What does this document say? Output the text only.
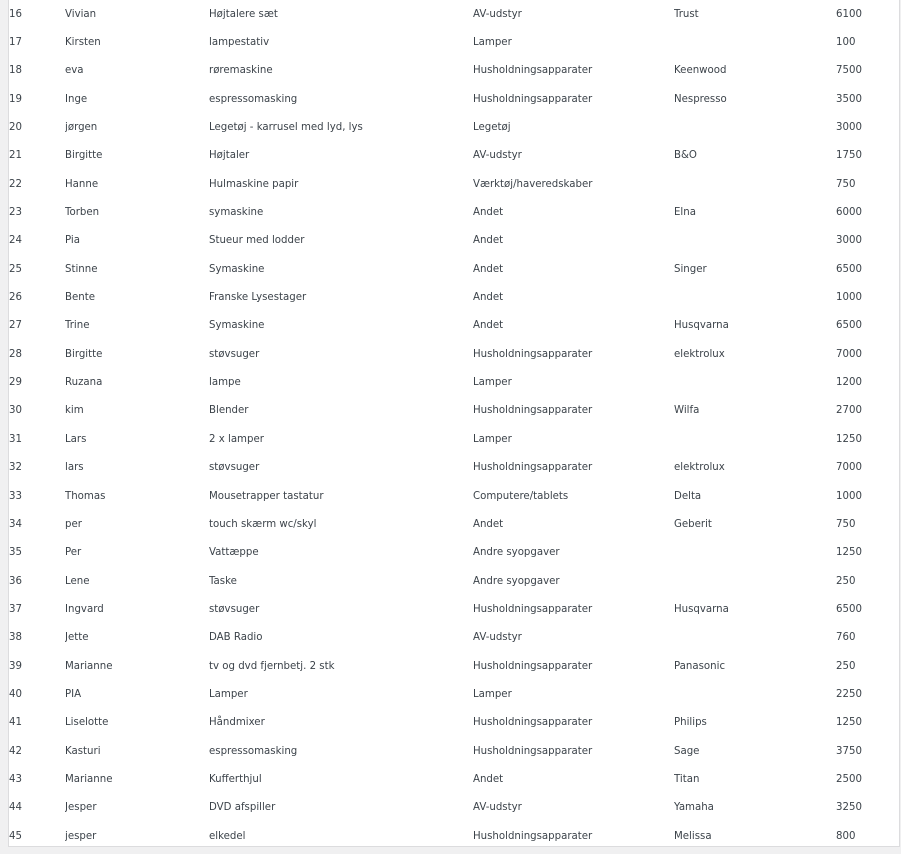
16	Vivian	Højtalere sæt	AV-udstyr	Trust	6100
17	Kirsten	lampestativ	Lamper		100
18	eva	røremaskine	Husholdningsapparater	Keenwood	7500
19	Inge	espressomasking	Husholdningsapparater	Nespresso	3500
20	jørgen	Legetøj - karrusel med lyd, lys	Legetøj		3000
21	Birgitte	Højtaler	AV-udstyr	B&O	1750
22	Hanne	Hulmaskine papir	Værktøj/haveredskaber		750
23	Torben	symaskine	Andet	Elna	6000
24	Pia	Stueur med lodder	Andet		3000
25	Stinne	Symaskine	Andet	Singer	6500
26	Bente	Franske Lysestager	Andet		1000
27	Trine	Symaskine	Andet	Husqvarna	6500
28	Birgitte	støvsuger	Husholdningsapparater	elektrolux	7000
29	Ruzana	lampe	Lamper		1200
30	kim	Blender	Husholdningsapparater	Wilfa	2700
31	Lars	2 x lamper	Lamper		1250
32	lars	støvsuger	Husholdningsapparater	elektrolux	7000
33	Thomas	Mousetrapper tastatur	Computere/tablets	Delta	1000
34	per	touch skærm wc/skyl	Andet	Geberit	750
35	Per	Vattæppe	Andre syopgaver		1250
36	Lene	Taske	Andre syopgaver		250
37	Ingvard	støvsuger	Husholdningsapparater	Husqvarna	6500
38	Jette	DAB Radio	AV-udstyr		760
39	Marianne	tv og dvd fjernbetj. 2 stk	Husholdningsapparater	Panasonic	250
40	PIA	Lamper	Lamper		2250
41	Liselotte	Håndmixer	Husholdningsapparater	Philips	1250
42	Kasturi	espressomasking	Husholdningsapparater	Sage	3750
43	Marianne	Kufferthjul	Andet	Titan	2500
44	Jesper	DVD afspiller	AV-udstyr	Yamaha	3250
45	jesper	elkedel	Husholdningsapparater	Melissa	800
